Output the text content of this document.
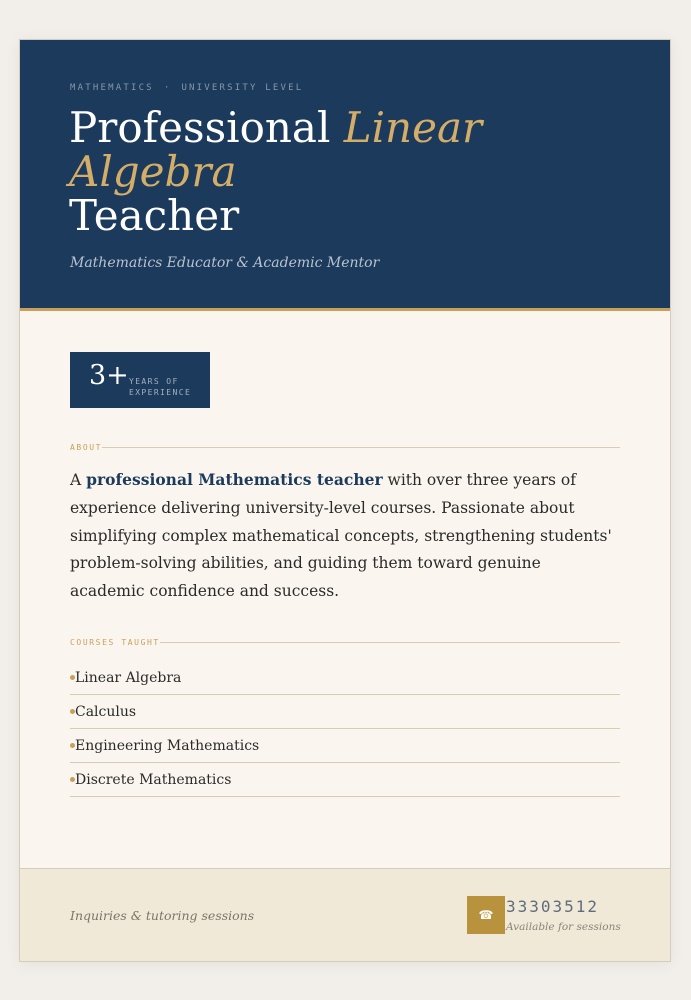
MATHEMATICS · UNIVERSITY LEVEL
Professional Linear Algebra
Teacher
Mathematics Educator & Academic Mentor
3+ YEARS OF EXPERIENCE
ABOUT

A professional Mathematics teacher with over three years of experience delivering university-level courses. Passionate about simplifying complex mathematical concepts, strengthening students' problem-solving abilities, and guiding them toward genuine academic confidence and success.

COURSES TAUGHT
Linear Algebra
Calculus
Engineering Mathematics
Discrete Mathematics
Inquiries & tutoring sessions	☎ 33303512
Available for sessions
